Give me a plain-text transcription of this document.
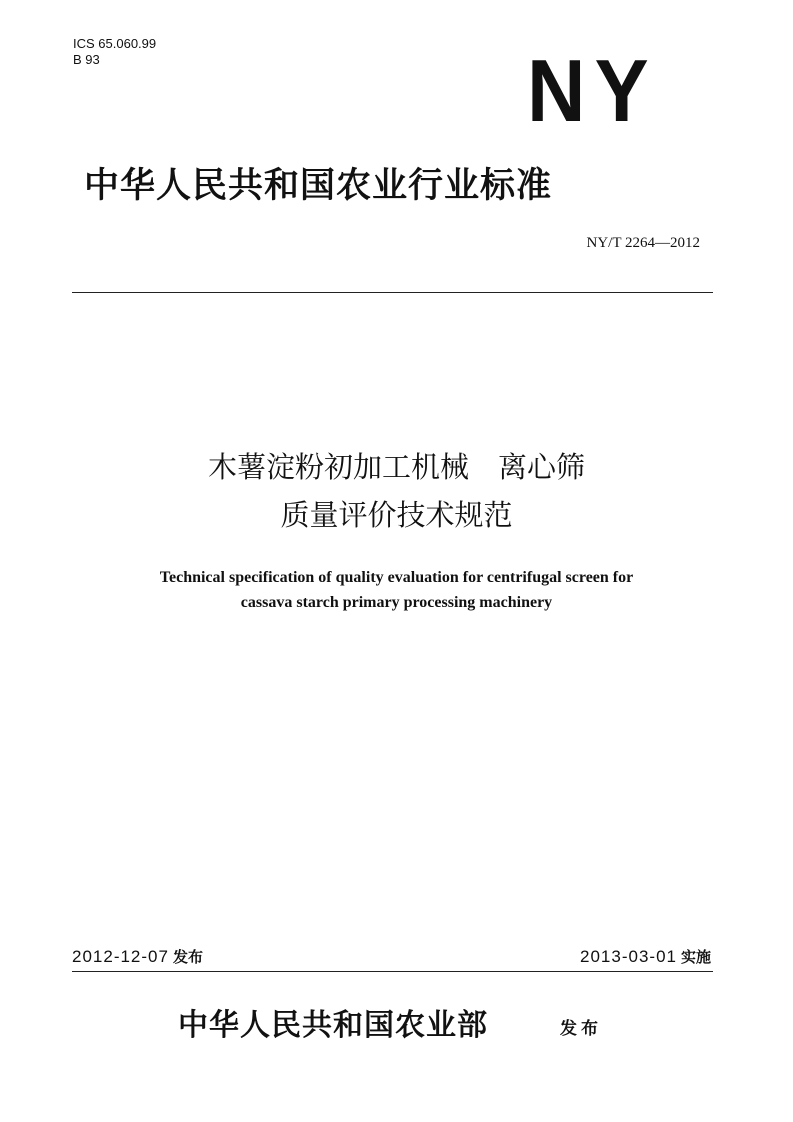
ICS 65.060.99
B 93	NY
中华人民共和国农业行业标准
NY/T 2264—2012
木薯淀粉初加工机械　离心筛
质量评价技术规范
Technical specification of quality evaluation for centrifugal screen for
cassava starch primary processing machinery
2012-12-07 发布	2013-03-01 实施
中华人民共和国农业部	发布
